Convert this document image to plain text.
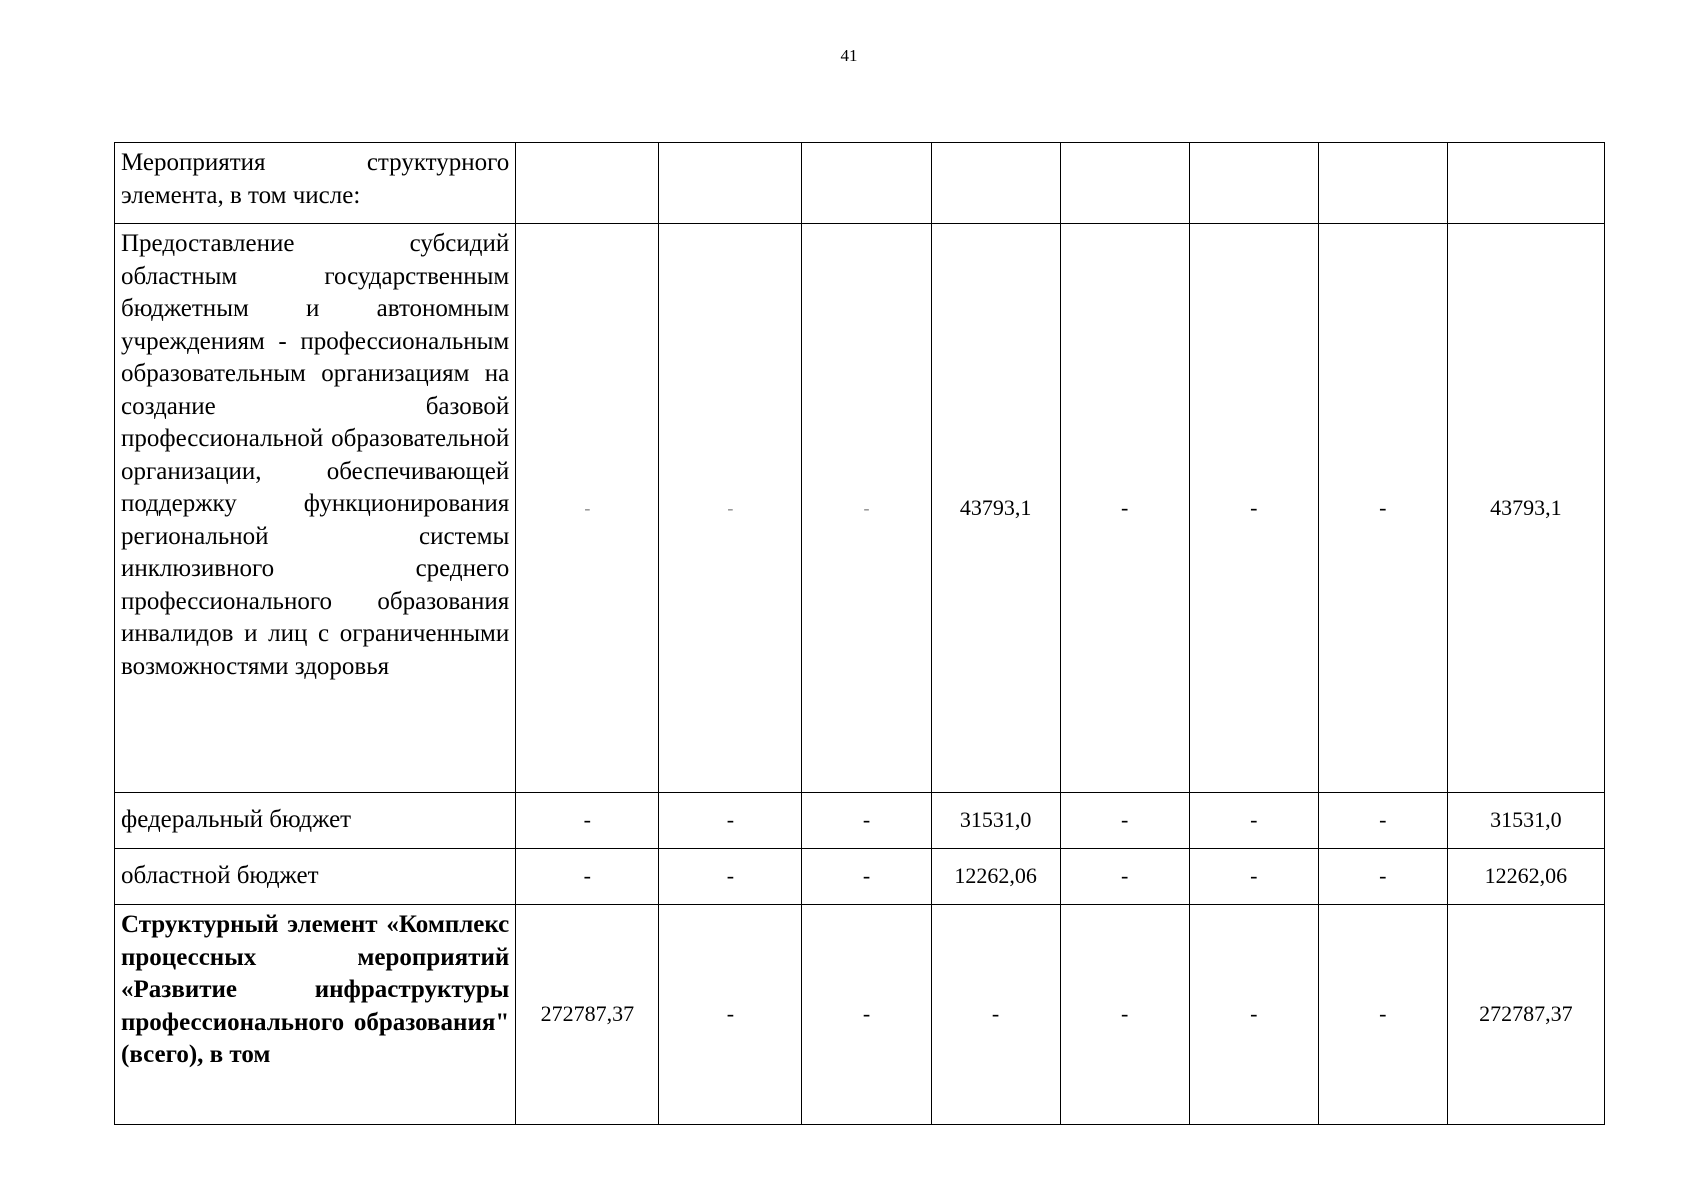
41
Мероприятия структурного элемента, в том числе:								
Предоставление субсидий областным государственным бюджетным и автономным учреждениям - профессиональным образовательным организациям на создание базовой профессиональной образовательной организации, обеспечивающей поддержку функционирования региональной системы инклюзивного среднего профессионального образования инвалидов и лиц с ограниченными возможностями здоровья	-	-	-	43793,1	-	-	-	43793,1
федеральный бюджет	-	-	-	31531,0	-	-	-	31531,0
областной бюджет	-	-	-	12262,06	-	-	-	12262,06
Структурный элемент «Комплекс процессных мероприятий «Развитие инфраструктуры профессионального образования" (всего), в том	272787,37	-	-	-	-	-	-	272787,37
